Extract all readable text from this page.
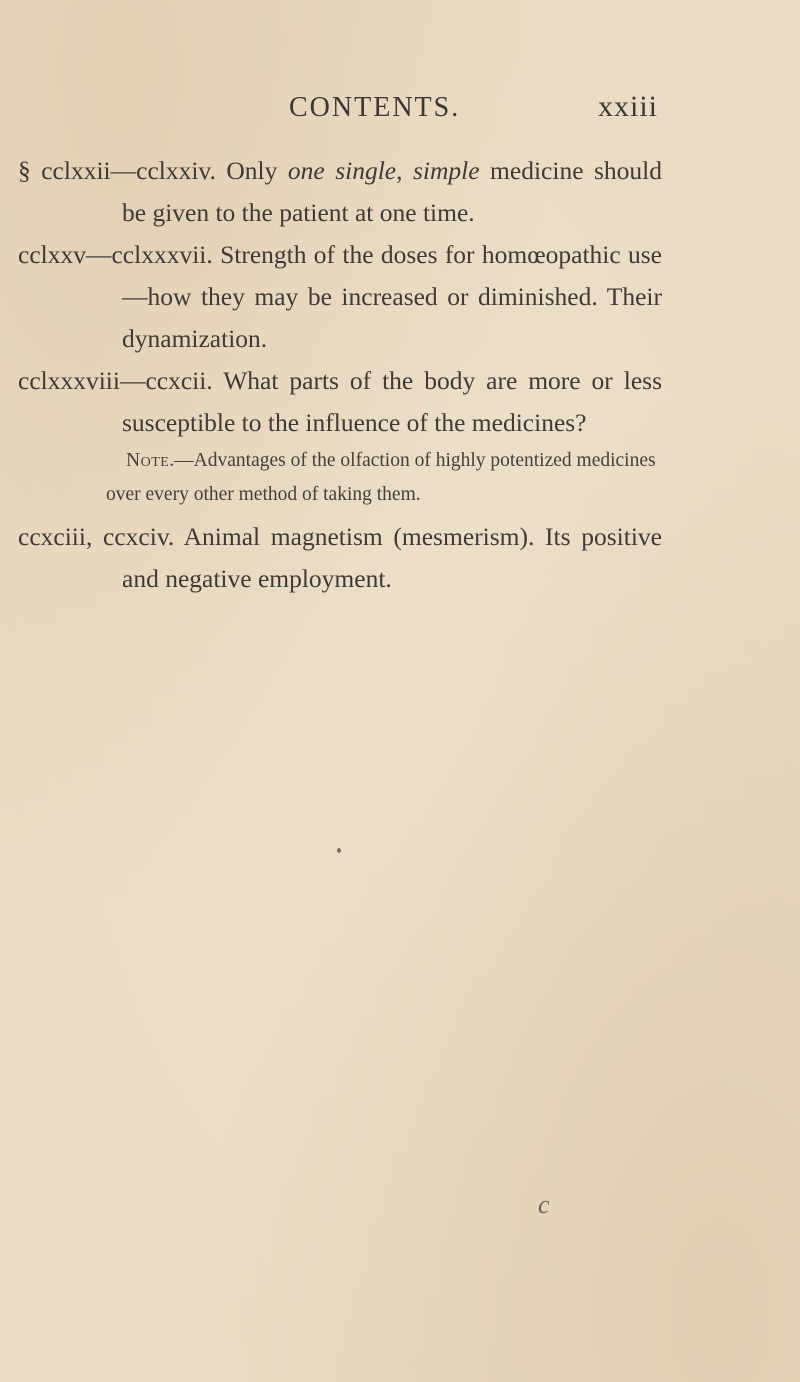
CONTENTS.	xxiii

§ cclxxii—cclxxiv. Only one single, simple medicine should be given to the patient at one time.

cclxxv—cclxxxvii. Strength of the doses for homœopathic use—how they may be increased or diminished. Their dynamization.

cclxxxviii—ccxcii. What parts of the body are more or less susceptible to the influence of the medicines?

Note.—Advantages of the olfaction of highly potentized medicines over every other method of taking them.

ccxciii, ccxciv. Animal magnetism (mesmerism). Its positive and negative employment.

c
